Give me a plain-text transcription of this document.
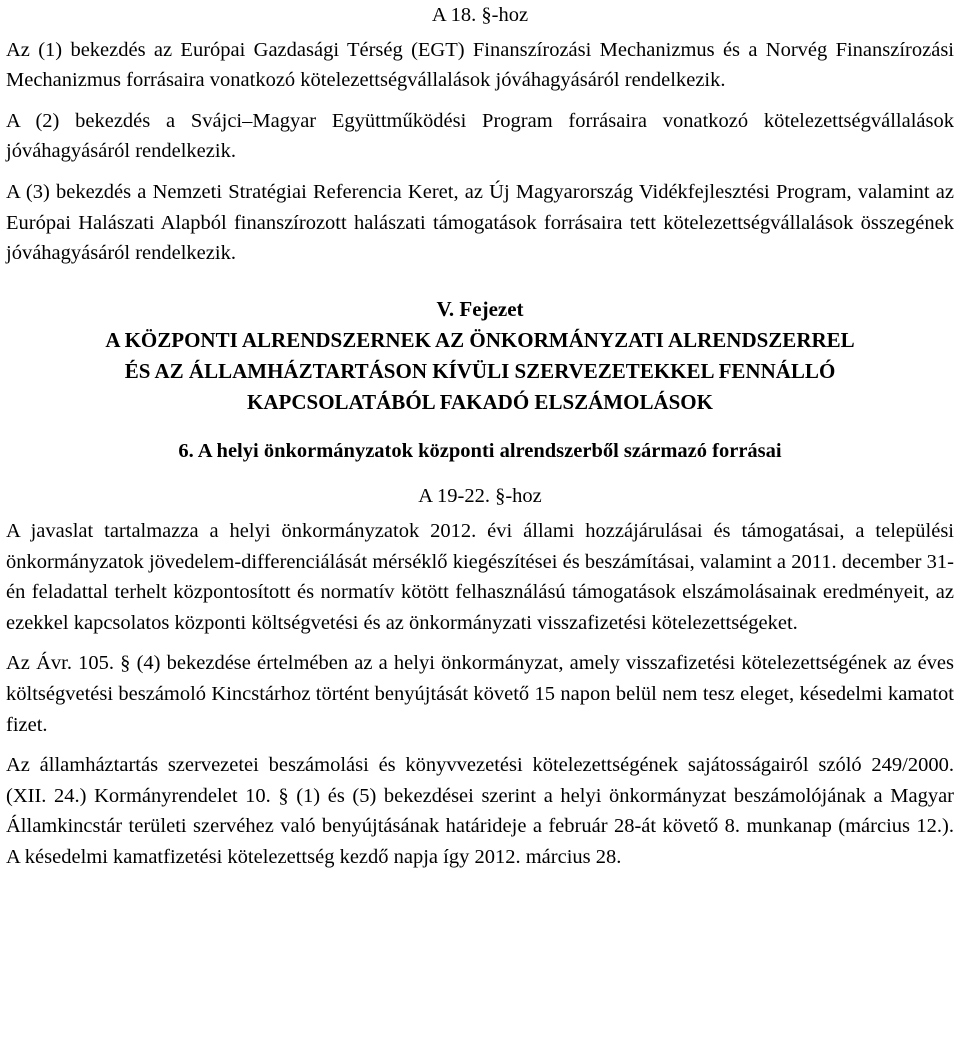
A 18. §-hoz

Az (1) bekezdés az Európai Gazdasági Térség (EGT) Finanszírozási Mechanizmus és a Norvég Finanszírozási Mechanizmus forrásaira vonatkozó kötelezettségvállalások jóváhagyásáról rendelkezik.

A (2) bekezdés a Svájci–Magyar Együttműködési Program forrásaira vonatkozó kötelezettségvállalások jóváhagyásáról rendelkezik.

A (3) bekezdés a Nemzeti Stratégiai Referencia Keret, az Új Magyarország Vidékfejlesztési Program, valamint az Európai Halászati Alapból finanszírozott halászati támogatások forrásaira tett kötelezettségvállalások összegének jóváhagyásáról rendelkezik.

V. Fejezet
A KÖZPONTI ALRENDSZERNEK AZ ÖNKORMÁNYZATI ALRENDSZERREL
ÉS AZ ÁLLAMHÁZTARTÁSON KÍVÜLI SZERVEZETEKKEL FENNÁLLÓ
KAPCSOLATÁBÓL FAKADÓ ELSZÁMOLÁSOK

6. A helyi önkormányzatok központi alrendszerből származó forrásai

A 19-22. §-hoz

A javaslat tartalmazza a helyi önkormányzatok 2012. évi állami hozzájárulásai és támogatásai, a települési önkormányzatok jövedelem-differenciálását mérséklő kiegészítései és beszámításai, valamint a 2011. december 31-én feladattal terhelt központosított és normatív kötött felhasználású támogatások elszámolásainak eredményeit, az ezekkel kapcsolatos központi költségvetési és az önkormányzati visszafizetési kötelezettségeket.

Az Ávr. 105. § (4) bekezdése értelmében az a helyi önkormányzat, amely visszafizetési kötelezettségének az éves költségvetési beszámoló Kincstárhoz történt benyújtását követő 15 napon belül nem tesz eleget, késedelmi kamatot fizet.

Az államháztartás szervezetei beszámolási és könyvvezetési kötelezettségének sajátosságairól szóló 249/2000. (XII. 24.) Kormányrendelet 10. § (1) és (5) bekezdései szerint a helyi önkormányzat beszámolójának a Magyar Államkincstár területi szervéhez való benyújtásának határideje a február 28-át követő 8. munkanap (március 12.). A késedelmi kamatfizetési kötelezettség kezdő napja így 2012. március 28.
